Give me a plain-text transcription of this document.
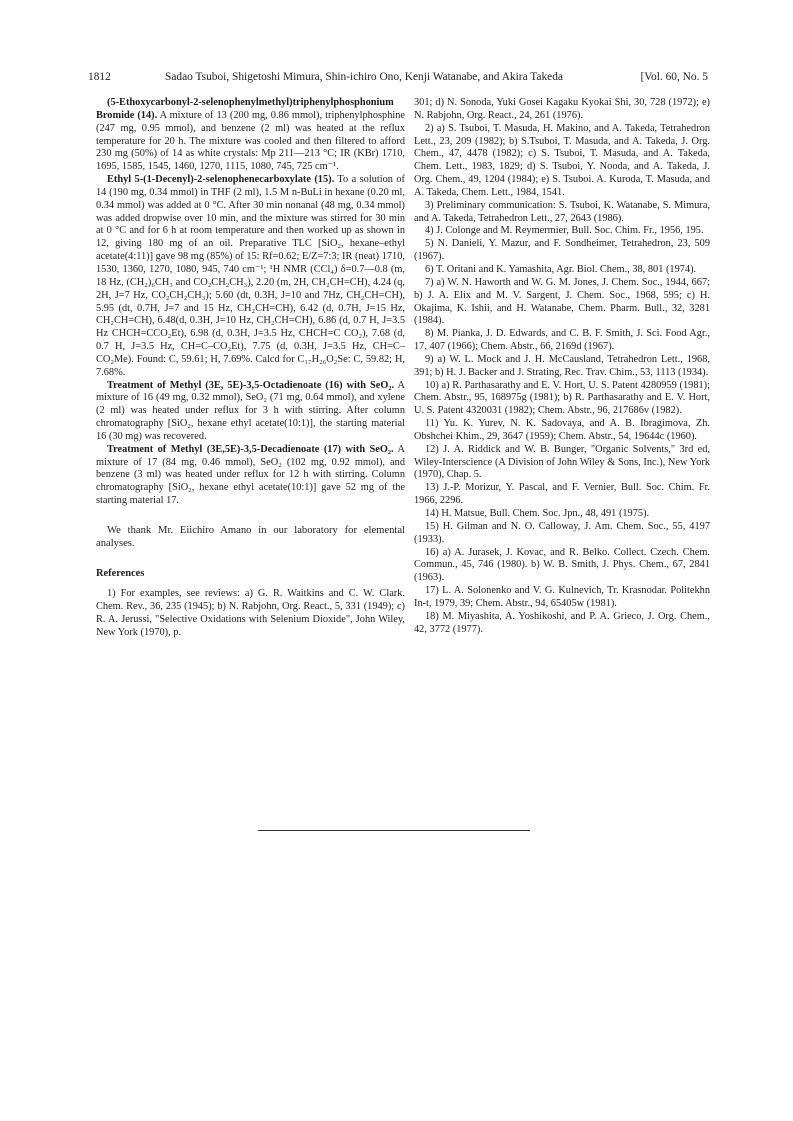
1812	Sadao Tsuboi, Shigetoshi Mimura, Shin-ichiro Ono, Kenji Watanabe, and Akira Takeda	[Vol. 60, No. 5

(5-Ethoxycarbonyl-2-selenophenylmethyl)triphenylphosphonium Bromide (14). A mixture of 13 (200 mg, 0.86 mmol), triphenylphosphine (247 mg, 0.95 mmol), and benzene (2 ml) was heated at the reflux temperature for 20 h. The mixture was cooled and then filtered to afford 230 mg (50%) of 14 as white crystals: Mp 211—213 °C; IR (KBr) 1710, 1695, 1585, 1545, 1460, 1270, 1115, 1080, 745, 725 cm⁻¹.

Ethyl 5-(1-Decenyl)-2-selenophenecarboxylate (15). To a solution of 14 (190 mg, 0.34 mmol) in THF (2 ml), 1.5 M n-BuLi in hexane (0.20 ml, 0.34 mmol) was added at 0 °C. After 30 min nonanal (48 mg, 0.34 mmol) was added dropwise over 10 min, and the mixture was stirred for 30 min at 0 °C and for 6 h at room temperature and then worked up as shown in 12, giving 180 mg of an oil. Preparative TLC [SiO₂, hexane–ethyl acetate(4:11)] gave 98 mg (85%) of 15: Rf=0.62; E/Z=7:3; IR (neat) 1710, 1530, 1360, 1270, 1080, 945, 740 cm⁻¹; ¹H NMR (CCl₄) δ=0.7—0.8 (m, 18 Hz, (CH₂)₆CH₃ and CO₂CH₂CH₃), 2.20 (m, 2H, CH₂CH=CH), 4.24 (q, 2H, J=7 Hz, CO₂CH₂CH₃); 5.60 (dt, 0.3H, J=10 and 7Hz, CH₂CH=CH), 5.95 (dt, 0.7H, J=7 and 15 Hz, CH₂CH=CH), 6.42 (d, 0.7H, J=15 Hz, CH₂CH=CH), 6.48(d, 0.3H, J=10 Hz, CH₂CH=CH), 6.86 (d, 0.7 H, J=3.5 Hz CHCH=CCO₂Et), 6.98 (d, 0.3H, J=3.5 Hz, CHCH=C CO₂), 7.68 (d, 0.7 H, J=3.5 Hz, CH=C–CO₂Et), 7.75 (d, 0.3H, J=3.5 Hz, CH=C–CO₂Me). Found: C, 59.61; H, 7.69%. Calcd for C₁₇H₂₆O₂Se: C, 59.82; H, 7.68%.

Treatment of Methyl (3E, 5E)-3,5-Octadienoate (16) with SeO₂. A mixture of 16 (49 mg, 0.32 mmol), SeO₂ (71 mg, 0.64 mmol), and xylene (2 ml) was heated under reflux for 3 h with stirring. After column chromatography [SiO₂, hexane ethyl acetate(10:1)], the starting material 16 (30 mg) was recovered.

Treatment of Methyl (3E,5E)-3,5-Decadienoate (17) with SeO₂. A mixture of 17 (84 mg, 0.46 mmol), SeO₂ (102 mg, 0.92 mmol), and benzene (3 ml) was heated under reflux for 12 h with stirring. Column chromatography [SiO₂, hexane ethyl acetate(10:1)] gave 52 mg of the starting material 17.

We thank Mr. Eiichiro Amano in our laboratory for elemental analyses.

References

1) For examples, see reviews: a) G. R. Waitkins and C. W. Clark. Chem. Rev., 36, 235 (1945); b) N. Rabjohn, Org. React., 5, 331 (1949); c) R. A. Jerussi, "Selective Oxidations with Selenium Dioxide", John Wiley, New York (1970), p.

301; d) N. Sonoda, Yuki Gosei Kagaku Kyokai Shi, 30, 728 (1972); e) N. Rabjohn, Org. React., 24, 261 (1976).

2) a) S. Tsuboi, T. Masuda, H. Makino, and A. Takeda, Tetrahedron Lett., 23, 209 (1982); b) S.Tsuboi, T. Masuda, and A. Takeda, J. Org. Chem., 47, 4478 (1982); c) S. Tsuboi, T. Masuda, and A. Takeda, Chem. Lett., 1983, 1829; d) S. Tsuboi, Y. Nooda, and A. Takeda, J. Org. Chem., 49, 1204 (1984); e) S. Tsuboi. A. Kuroda, T. Masuda, and A. Takeda, Chem. Lett., 1984, 1541.

3) Preliminary communication: S. Tsuboi, K. Watanabe, S. Mimura, and A. Takeda, Tetrahedron Lett., 27, 2643 (1986).

4) J. Colonge and M. Reymermier, Bull. Soc. Chim. Fr., 1956, 195.

5) N. Danieli, Y. Mazur, and F. Sondheimer, Tetrahedron, 23, 509 (1967).

6) T. Oritani and K. Yamashita, Agr. Biol. Chem., 38, 801 (1974).

7) a) W. N. Haworth and W. G. M. Jones, J. Chem. Soc., 1944, 667; b) J. A. Elix and M. V. Sargent, J. Chem. Soc., 1968, 595; c) H. Okajima, K. Ishii, and H. Watanabe, Chem. Pharm. Bull., 32, 3281 (1984).

8) M. Pianka, J. D. Edwards, and C. B. F. Smith, J. Sci. Food Agr., 17, 407 (1966); Chem. Abstr., 66, 2169d (1967).

9) a) W. L. Mock and J. H. McCausland, Tetrahedron Lett., 1968, 391; b) H. J. Backer and J. Strating, Rec. Trav. Chim., 53, 1113 (1934).

10) a) R. Parthasarathy and E. V. Hort, U. S. Patent 4280959 (1981); Chem. Abstr., 95, 168975g (1981); b) R. Parthasarathy and E. V. Hort, U. S. Patent 4320031 (1982); Chem. Abstr., 96, 217686v (1982).

11) Yu. K. Yurev, N. K. Sadovaya, and A. B. Ibragimova, Zh. Obshchei Khim., 29, 3647 (1959); Chem. Abstr., 54, 19644c (1960).

12) J. A. Riddick and W. B. Bunger, "Organic Solvents," 3rd ed, Wiley-Interscience (A Division of John Wiley & Sons, Inc.), New York (1970), Chap. 5.

13) J.-P. Morizur, Y. Pascal, and F. Vernier, Bull. Soc. Chim. Fr. 1966, 2296.

14) H. Matsue, Bull. Chem. Soc. Jpn., 48, 491 (1975).

15) H. Gilman and N. O. Calloway, J. Am. Chem. Soc., 55, 4197 (1933).

16) a) A. Jurasek, J. Kovac, and R. Belko. Collect. Czech. Chem. Commun., 45, 746 (1980). b) W. B. Smith, J. Phys. Chem., 67, 2841 (1963).

17) L. A. Solonenko and V. G. Kulnevich, Tr. Krasnodar. Politekhn In-t, 1979, 39; Chem. Abstr., 94, 65405w (1981).

18) M. Miyashita, A. Yoshikoshi, and P. A. Grieco, J. Org. Chem., 42, 3772 (1977).
